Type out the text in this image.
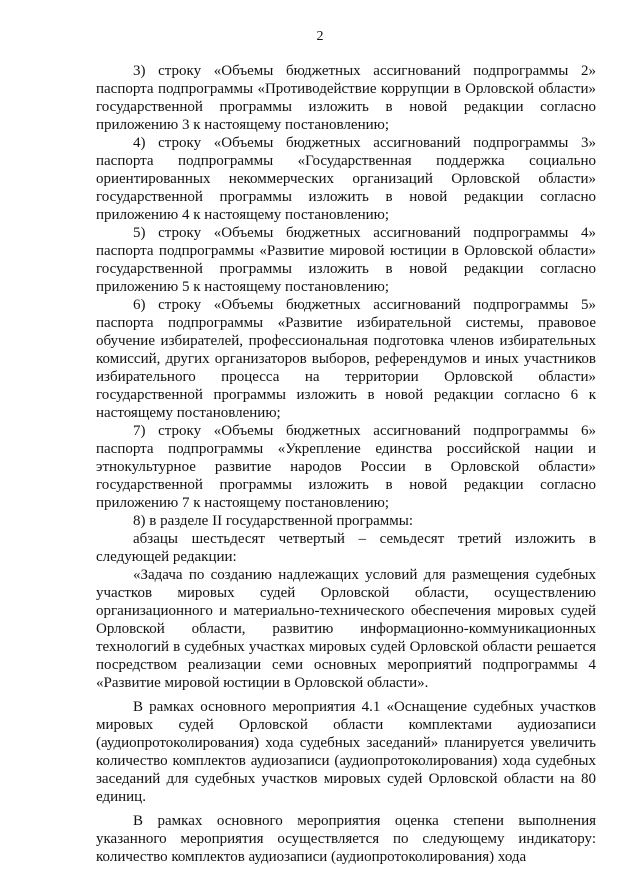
2

3) строку «Объемы бюджетных ассигнований подпрограммы 2» паспорта подпрограммы «Противодействие коррупции в Орловской области» государственной программы изложить в новой редакции согласно приложению 3 к настоящему постановлению;

4) строку «Объемы бюджетных ассигнований подпрограммы 3» паспорта подпрограммы «Государственная поддержка социально ориентированных некоммерческих организаций Орловской области» государственной программы изложить в новой редакции согласно приложению 4 к настоящему постановлению;

5) строку «Объемы бюджетных ассигнований подпрограммы 4» паспорта подпрограммы «Развитие мировой юстиции в Орловской области» государственной программы изложить в новой редакции согласно приложению 5 к настоящему постановлению;

6) строку «Объемы бюджетных ассигнований подпрограммы 5» паспорта подпрограммы «Развитие избирательной системы, правовое обучение избирателей, профессиональная подготовка членов избирательных комиссий, других организаторов выборов, референдумов и иных участников избирательного процесса на территории Орловской области» государственной программы изложить в новой редакции согласно 6 к настоящему постановлению;

7) строку «Объемы бюджетных ассигнований подпрограммы 6» паспорта подпрограммы «Укрепление единства российской нации и этнокультурное развитие народов России в Орловской области» государственной программы изложить в новой редакции согласно приложению 7 к настоящему постановлению;

8) в разделе II государственной программы:

абзацы шестьдесят четвертый – семьдесят третий изложить в следующей редакции:

«Задача по созданию надлежащих условий для размещения судебных участков мировых судей Орловской области, осуществлению организационного и материально-технического обеспечения мировых судей Орловской области, развитию информационно-коммуникационных технологий в судебных участках мировых судей Орловской области решается посредством реализации семи основных мероприятий подпрограммы 4 «Развитие мировой юстиции в Орловской области».

В рамках основного мероприятия 4.1 «Оснащение судебных участков мировых судей Орловской области комплектами аудиозаписи (аудиопротоколирования) хода судебных заседаний» планируется увеличить количество комплектов аудиозаписи (аудиопротоколирования) хода судебных заседаний для судебных участков мировых судей Орловской области на 80 единиц.

В рамках основного мероприятия оценка степени выполнения указанного мероприятия осуществляется по следующему индикатору: количество комплектов аудиозаписи (аудиопротоколирования) хода
